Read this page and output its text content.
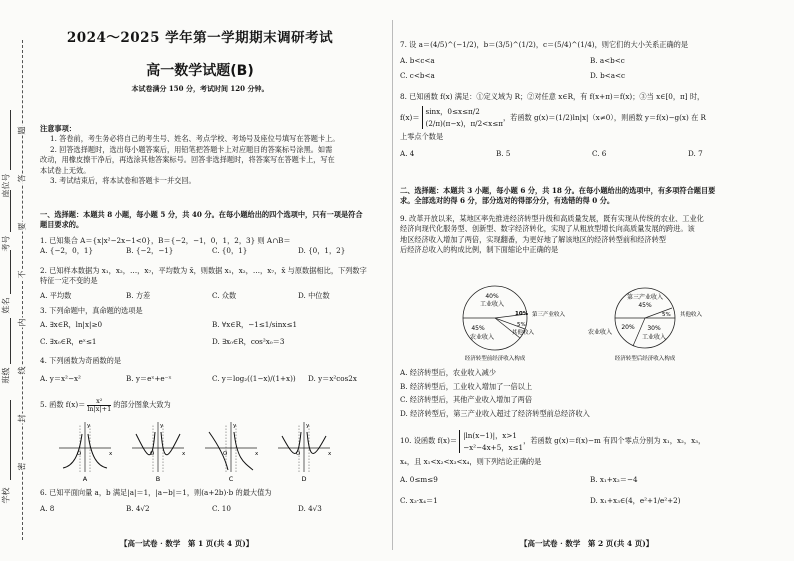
学校
班级
姓名
考号
座位号
密
封
线
内
不
要
答
题
2024～2025 学年第一学期期末调研考试
高一数学试题(B)
本试卷满分 150 分，考试时间 120 分钟。
注意事项：
1. 答卷前，考生务必将自己的考生号、姓名、考点学校、考场号及座位号填写在答题卡上。
2. 回答选择题时，选出每小题答案后，用铅笔把答题卡上对应题目的答案标号涂黑。如需
改动，用橡皮擦干净后，再选涂其他答案标号。回答非选择题时，将答案写在答题卡上，写在
本试卷上无效。
3. 考试结束后，将本试卷和答题卡一并交回。
一、选择题：本题共 8 小题，每小题 5 分，共 40 分。在每小题给出的四个选项中，只有一项是符合
题目要求的。
1. 已知集合 A＝{x|x²−2x−1<0}，B＝{−2，−1，0，1，2，3} 则 A∩B＝
A. {−2，0，1}	B. {−2，−1}	C. {0，1}	D. {0，1，2}
2. 已知样本数据为 x₁，x₂，…，x₇，平均数为 x̄，则数据 x₁，x₂，…，x₇，x̄ 与原数据相比，下列数字
特征一定不变的是
A. 平均数	B. 方差	C. 众数	D. 中位数
3. 下列命题中，真命题的选项是
A. ∃x∈R，ln|x|≥0	B. ∀x∈R，−1≤1/sinx≤1
C. ∃x₀∈R，eˣ≤1	D. ∃x₀∈R，cos²x₀＝3
4. 下列函数为奇函数的是
A. y＝x²−x²	B. y＝eˣ+e⁻ˣ	C. y＝log₂((1−x)/(1+x))	D. y＝x²cos2x
5. 函数 $f(x)= \frac{\text{x²}}{\ln|x|+1}$ 的部分图象大致为
x
y
O
A
x
y
O
B
x
y
O
C
x
y
O
D
6. 已知平面向量 a，b 满足|a|＝1，|a−b|＝1，则(a+2b)·b 的最大值为
A. 8	B. 4√2	C. 10	D. 4√3
【高一试卷 · 数学　第 1 页(共 4 页)】
7. 设 a＝(4/5)^(−1/2)，b＝(3/5)^(1/2)，c＝(5/4)^(1/4)，则它们的大小关系正确的是
A. b<c<a	B. a<b<c
C. c<b<a	D. b<a<c
8. 已知函数 f(x) 满足：①定义域为 R；②对任意 x∈R，有 f(x+π)＝f(x)；③当 x∈[0，π] 时，
f(x)＝
sinx，0≤x≤π/2
(2/π)(π−x)，π/2<x≤π
，若函数 g(x)＝(1/2)ln|x|（x≠0），则函数 y＝f(x)−g(x) 在 R
上零点个数是
A. 4	B. 5	C. 6	D. 7
二、选择题：本题共 3 小题，每小题 6 分，共 18 分。在每小题给出的选项中，有多项符合题目要
求。全部选对的得 6 分，部分选对的得部分分，有选错的得 0 分。
9. 改革开放以来，某地区率先推进经济转型升级和高质量发展，既有实现从传统的农业、工业化
经济向现代化服务型、创新型、数字经济转化，实现了从粗放型增长向高质量发展的跨进。该
地区经济收入增加了两倍，实现翻番，为更好地了解该地区的经济转型前和经济转型
后经济总收入的构成比例，制下面缩论中正确的是
40%
工业收入
10% 第三产业收入
5%
其他收入
45%
农业收入
经济转型前经济收入构成
第三产业收入
45%
5% 其他收入
20% 30%
农业收入
工业收入
经济转型后经济收入构成
A. 经济转型后，农业收入减少
B. 经济转型后，工业收入增加了一倍以上
C. 经济转型后，其他产业收入增加了两倍
D. 经济转型后，第三产业收入超过了经济转型前总经济收入
10. 设函数 f(x)＝
|ln(x−1)|，x>1
−x²−4x+5，x≤1
，若函数 g(x)＝f(x)−m 有四个零点分别为 x₁，x₂，x₃，
x₄，且 x₁<x₂<x₃<x₄，则下列结论正确的是
A. 0≤m≤9	B. x₁+x₂＝−4
C. x₃·x₄＝1	D. x₁+x₃∈(4，e²+1/e²+2)
【高一试卷 · 数学　第 2 页(共 4 页)】
